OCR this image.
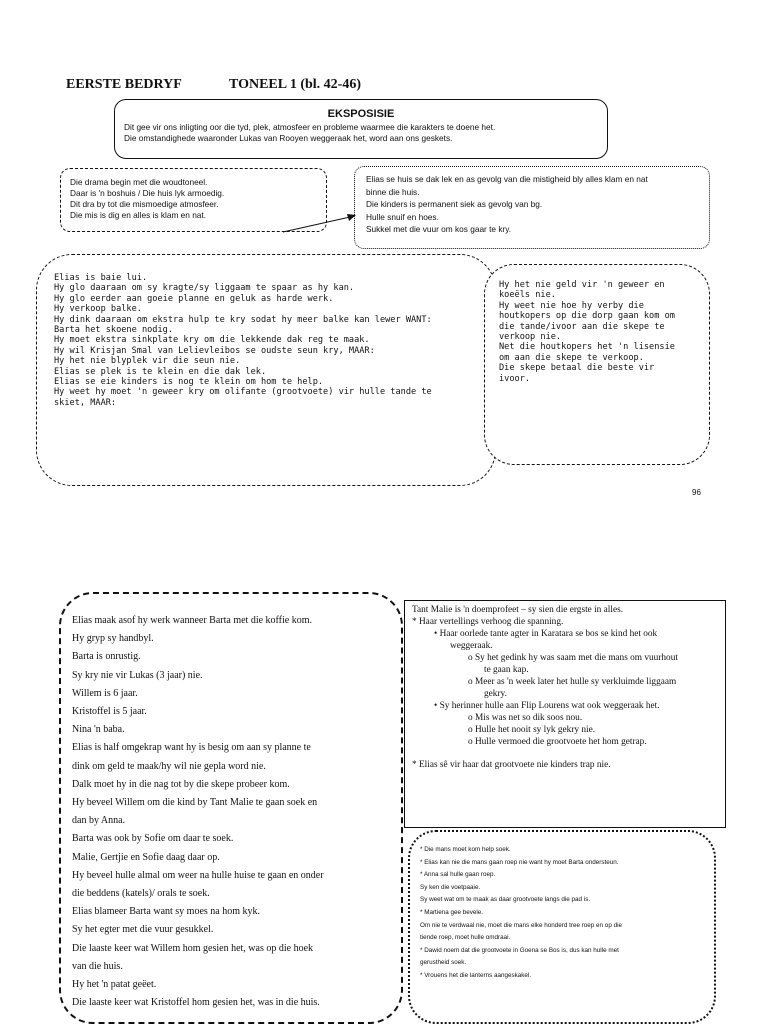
EERSTE BEDRYF	TONEEL 1 (bl. 42-46)
EKSPOSISIE
Dit gee vir ons inligting oor die tyd, plek, atmosfeer en probleme waarmee die karakters te doene het.
Die omstandighede waaronder Lukas van Rooyen weggeraak het, word aan ons geskets.
Die drama begin met die woudtoneel.
Daar is 'n boshuis / Die huis lyk armoedig.
Dit dra by tot die mismoedige atmosfeer.
Die mis is dig en alles is klam en nat.
Elias se huis se dak lek en as gevolg van die mistigheid bly alles klam en nat
binne die huis.
Die kinders is permanent siek as gevolg van bg.
Hulle snuif en hoes.
Sukkel met die vuur om kos gaar te kry.
Elias is baie lui.
Hy glo daaraan om sy kragte/sy liggaam te spaar as hy kan.
Hy glo eerder aan goeie planne en geluk as harde werk.
Hy verkoop balke.
Hy dink daaraan om ekstra hulp te kry sodat hy meer balke kan lewer WANT:
Barta het skoene nodig.
Hy moet ekstra sinkplate kry om die lekkende dak reg te maak.
Hy wil Krisjan Smal van Lelievleibos se oudste seun kry, MAAR:
Hy het nie blyplek vir die seun nie.
Elias se plek is te klein en die dak lek.
Elias se eie kinders is nog te klein om hom te help.
Hy weet hy moet 'n geweer kry om olifante (grootvoete) vir hulle tande te
skiet, MAAR:
Hy het nie geld vir 'n geweer en
koeëls nie.
Hy weet nie hoe hy verby die
houtkopers op die dorp gaan kom om
die tande/ivoor aan die skepe te
verkoop nie.
Net die houtkopers het 'n lisensie
om aan die skepe te verkoop.
Die skepe betaal die beste vir
ivoor.
96
Elias maak asof hy werk wanneer Barta met die koffie kom.
Hy gryp sy handbyl.
Barta is onrustig.
Sy kry nie vir Lukas (3 jaar) nie.
Willem is 6 jaar.
Kristoffel is 5 jaar.
Nina 'n baba.
Elias is half omgekrap want hy is besig om aan sy planne te
dink om geld te maak/hy wil nie gepla word nie.
Dalk moet hy in die nag tot by die skepe probeer kom.
Hy beveel Willem om die kind by Tant Malie te gaan soek en
dan by Anna.
Barta was ook by Sofie om daar te soek.
Malie, Gertjie en Sofie daag daar op.
Hy beveel hulle almal om weer na hulle huise te gaan en onder
die beddens (katels)/ orals te soek.
Elias blameer Barta want sy moes na hom kyk.
Sy het egter met die vuur gesukkel.
Die laaste keer wat Willem hom gesien het, was op die hoek
van die huis.
Hy het 'n patat geëet.
Die laaste keer wat Kristoffel hom gesien het, was in die huis.
Tant Malie is 'n doemprofeet – sy sien die ergste in alles.
* Haar vertellings verhoog die spanning.
• Haar oorlede tante agter in Karatara se bos se kind het ook
weggeraak.
o Sy het gedink hy was saam met die mans om vuurhout
te gaan kap.
o Meer as 'n week later het hulle sy verkluimde liggaam
gekry.
• Sy herinner hulle aan Flip Lourens wat ook weggeraak het.
o Mis was net so dik soos nou.
o Hulle het nooit sy lyk gekry nie.
o Hulle vermoed die grootvoete het hom getrap.
* Elias sê vir haar dat grootvoete nie kinders trap nie.
* Die mans moet kom help soek.
* Elias kan nie die mans gaan roep nie want hy moet Barta ondersteun.
* Anna sal hulle gaan roep.
Sy ken die voetpaaie.
Sy weet wat om te maak as daar grootvoete langs die pad is.
* Martiena gee bevele.
Om nie te verdwaal nie, moet die mans elke honderd tree roep en op die
tiende roep, moet hulle omdraai.
* Dawid noem dat die grootvoete in Goena se Bos is, dus kan hulle met
gerustheid soek.
* Vrouens het die lanterns aangeskakel.
